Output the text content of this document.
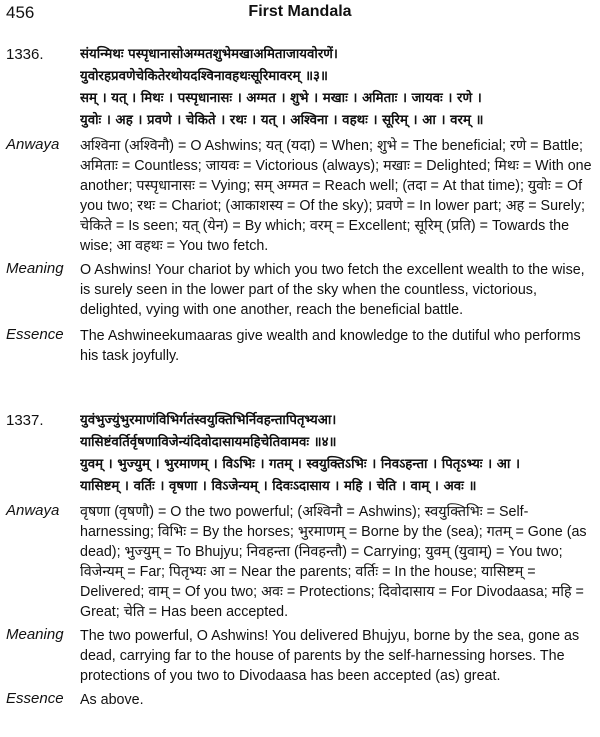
456	First Mandala
1336.	संयन्मिथः पस्पृधानासोअग्मतशुभेमखाअमिताजायवोरणें।
युवोरहप्रवणेचेकितेरथोयदश्विनावहथःसूरिमावरम् ॥३॥
सम् । यत् । मिथः । पस्पृधानासः । अग्मत । शुभे । मखाः । अमिताः । जायवः । रणे ।
युवोः । अह । प्रवणे । चेकिते । रथः । यत् । अश्विना । वहथः । सूरिम् । आ । वरम् ॥
Anwaya अश्विना (अश्विनौ) = O Ashwins; यत् (यदा) = When; शुभे = The beneficial; रणे = Battle; अमिताः = Countless; जायवः = Victorious (always); मखाः = Delighted; मिथः = With one another; पस्पृधानासः = Vying; सम् अग्मत = Reach well; (तदा = At that time); युवोः = Of you two; रथः = Chariot; (आकाशस्य = Of the sky); प्रवणे = In lower part; अह = Surely; चेकिते = Is seen; यत् (येन) = By which; वरम् = Excellent; सूरिम् (प्रति) = Towards the wise; आ वहथः = You two fetch.
Meaning O Ashwins! Your chariot by which you two fetch the excellent wealth to the wise, is surely seen in the lower part of the sky when the countless, victorious, delighted, vying with one another, reach the beneficial battle.
Essence The Ashwineekumaaras give wealth and knowledge to the dutiful who performs his task joyfully.
1337.	युवंभुज्युंभुरमाणंविभिर्गतंस्वयुक्तिभिर्निवहन्तापितृभ्यआ।
यासिष्टंवर्तिर्वृषणाविजेन्यंदिवोदासायमहिचेतिवामवः ॥४॥
युवम् । भुज्युम् । भुरमाणम् । विऽभिः । गतम् । स्वयुक्तिऽभिः । निवऽहन्ता । पितृऽभ्यः । आ ।
यासिष्टम् । वर्तिः । वृषणा । विऽजेन्यम् । दिवःऽदासाय । महि । चेति । वाम् । अवः ॥
Anwaya वृषणा (वृषणौ) = O the two powerful; (अश्विनौ = Ashwins); स्वयुक्तिभिः = Self-harnessing; विभिः = By the horses; भुरमाणम् = Borne by the (sea); गतम् = Gone (as dead); भुज्युम् = To Bhujyu; निवहन्ता (निवहन्तौ) = Carrying; युवम् (युवाम्) = You two; विजेन्यम् = Far; पितृभ्यः आ = Near the parents; वर्तिः = In the house; यासिष्टम् = Delivered; वाम् = Of you two; अवः = Protections; दिवोदासाय = For Divodaasa; महि = Great; चेति = Has been accepted.
Meaning The two powerful, O Ashwins! You delivered Bhujyu, borne by the sea, gone as dead, carrying far to the house of parents by the self-harnessing horses. The protections of you two to Divodaasa has been accepted (as) great.
Essence As above.
